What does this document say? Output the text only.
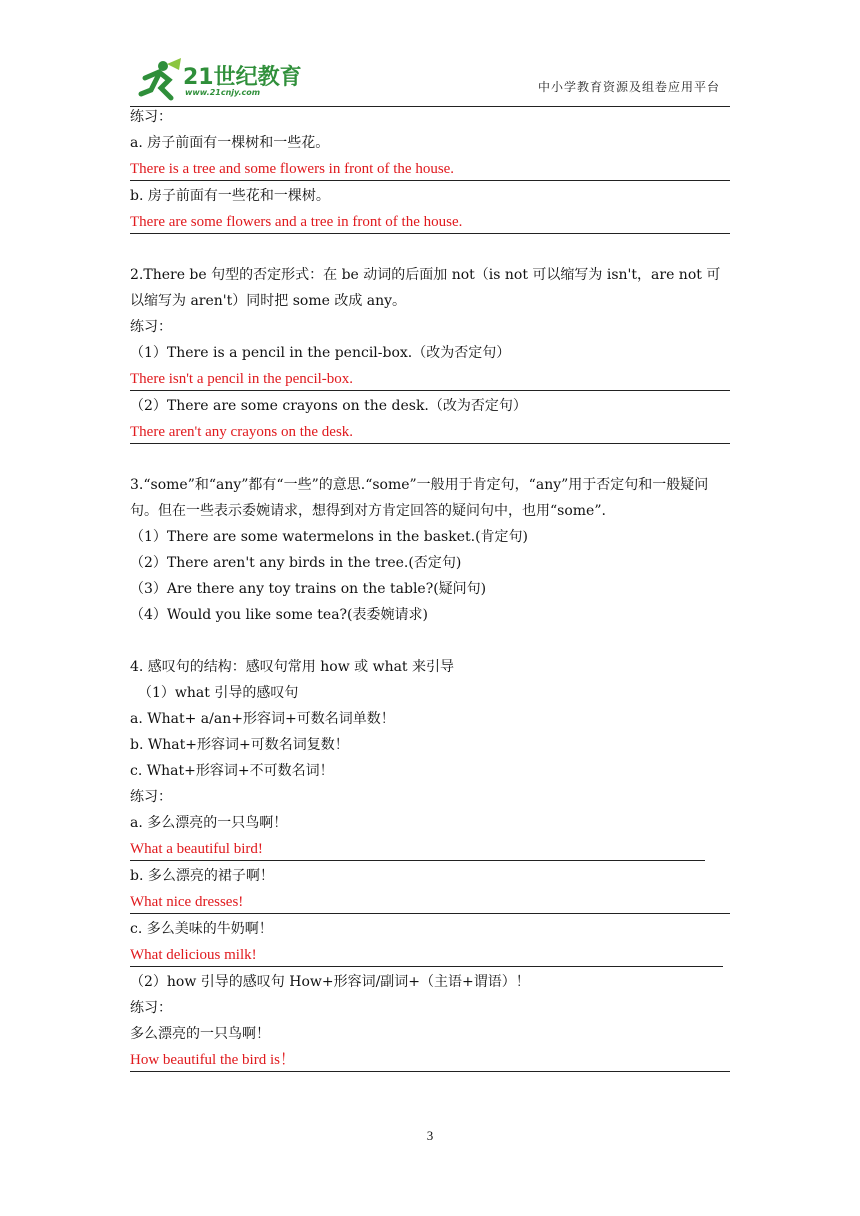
21世纪教育
www.21cnjy.com	中小学教育资源及组卷应用平台
练习：
a. 房子前面有一棵树和一些花。
There is a tree and some flowers in front of the house.
b. 房子前面有一些花和一棵树。
There are some flowers and a tree in front of the house.
2.There be 句型的否定形式：在 be 动词的后面加 not（is not 可以缩写为 isn't，are not 可以缩写为 aren't）同时把 some 改成 any。
练习：
（1）There is a pencil in the pencil-box.（改为否定句）
There isn't a pencil in the pencil-box.
（2）There are some crayons on the desk.（改为否定句）
There aren't any crayons on the desk.
3.“some”和“any”都有“一些”的意思.“some”一般用于肯定句，“any”用于否定句和一般疑问句。但在一些表示委婉请求，想得到对方肯定回答的疑问句中，也用“some”.
（1）There are some watermelons in the basket.(肯定句)
（2）There aren't any birds in the tree.(否定句)
（3）Are there any toy trains on the table?(疑问句)
（4）Would you like some tea?(表委婉请求)
4. 感叹句的结构：感叹句常用 how 或 what 来引导
（1）what 引导的感叹句
a. What+ a/an+形容词+可数名词单数！
b. What+形容词+可数名词复数！
c. What+形容词+不可数名词！
练习：
a. 多么漂亮的一只鸟啊！
What a beautiful bird!
b. 多么漂亮的裙子啊！
What nice dresses!
c. 多么美味的牛奶啊！
What delicious milk!
（2）how 引导的感叹句 How+形容词/副词+（主语+谓语）！
练习：
多么漂亮的一只鸟啊！
How beautiful the bird is！
3
